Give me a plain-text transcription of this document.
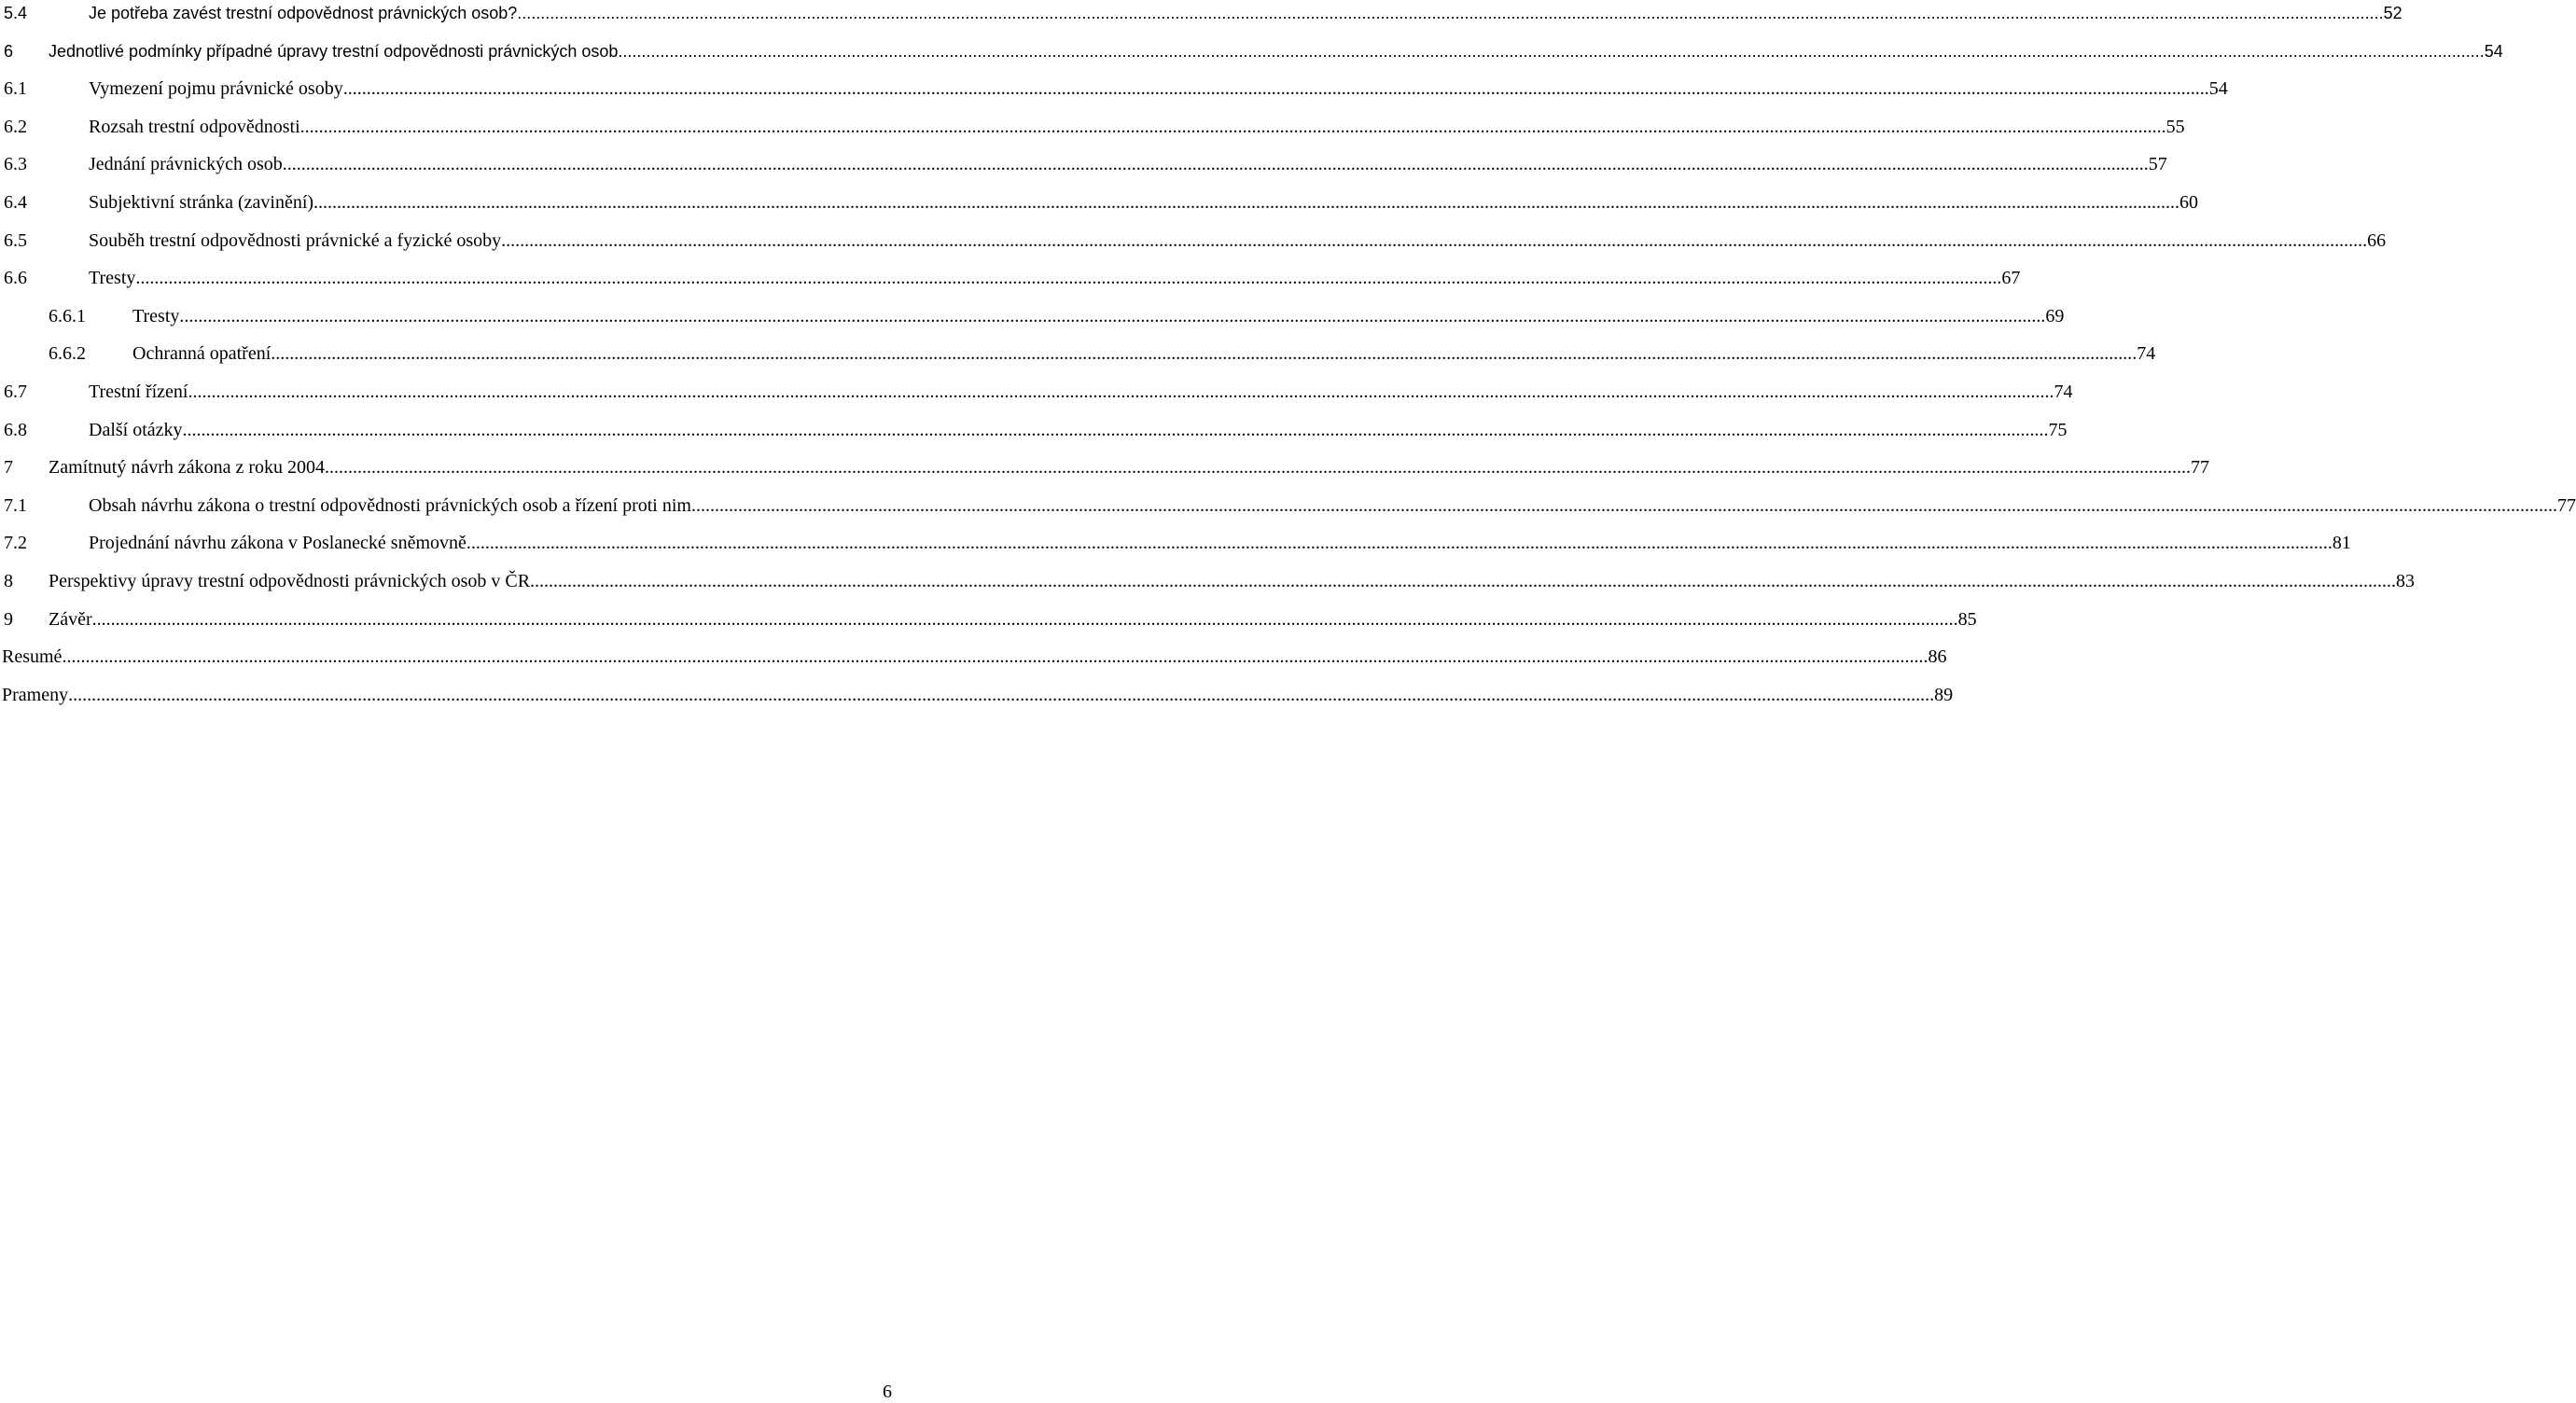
5.4	Je potřeba zavést trestní odpovědnost právnických osob? ................................................................................................................................................................................................................................................................................................................................................................................................................ 52
6 Jednotlivé podmínky případné úpravy trestní odpovědnosti právnických osob ................................................................................................................................................................................................................................................................................................................................................................................................................ 54
6.1	Vymezení pojmu právnické osoby ................................................................................................................................................................................................................................................................................................................................................................................................................ 54
6.2	Rozsah trestní odpovědnosti ................................................................................................................................................................................................................................................................................................................................................................................................................ 55
6.3	Jednání právnických osob ................................................................................................................................................................................................................................................................................................................................................................................................................ 57
6.4	Subjektivní stránka (zavinění) ................................................................................................................................................................................................................................................................................................................................................................................................................ 60
6.5	Souběh trestní odpovědnosti právnické a fyzické osoby ................................................................................................................................................................................................................................................................................................................................................................................................................ 66
6.6	Tresty ................................................................................................................................................................................................................................................................................................................................................................................................................ 67
6.6.1	Tresty ................................................................................................................................................................................................................................................................................................................................................................................................................ 69
6.6.2	Ochranná opatření ................................................................................................................................................................................................................................................................................................................................................................................................................ 74
6.7	Trestní řízení ................................................................................................................................................................................................................................................................................................................................................................................................................ 74
6.8	Další otázky ................................................................................................................................................................................................................................................................................................................................................................................................................ 75
7 Zamítnutý návrh zákona z roku 2004 ................................................................................................................................................................................................................................................................................................................................................................................................................ 77
7.1	Obsah návrhu zákona o trestní odpovědnosti právnických osob a řízení proti nim ................................................................................................................................................................................................................................................................................................................................................................................................................ 77
7.2	Projednání návrhu zákona v Poslanecké sněmovně ................................................................................................................................................................................................................................................................................................................................................................................................................ 81
8 Perspektivy úpravy trestní odpovědnosti právnických osob v ČR ................................................................................................................................................................................................................................................................................................................................................................................................................ 83
9 Závěr ................................................................................................................................................................................................................................................................................................................................................................................................................ 85
Resumé ................................................................................................................................................................................................................................................................................................................................................................................................................ 86
Prameny ................................................................................................................................................................................................................................................................................................................................................................................................................ 89
6
